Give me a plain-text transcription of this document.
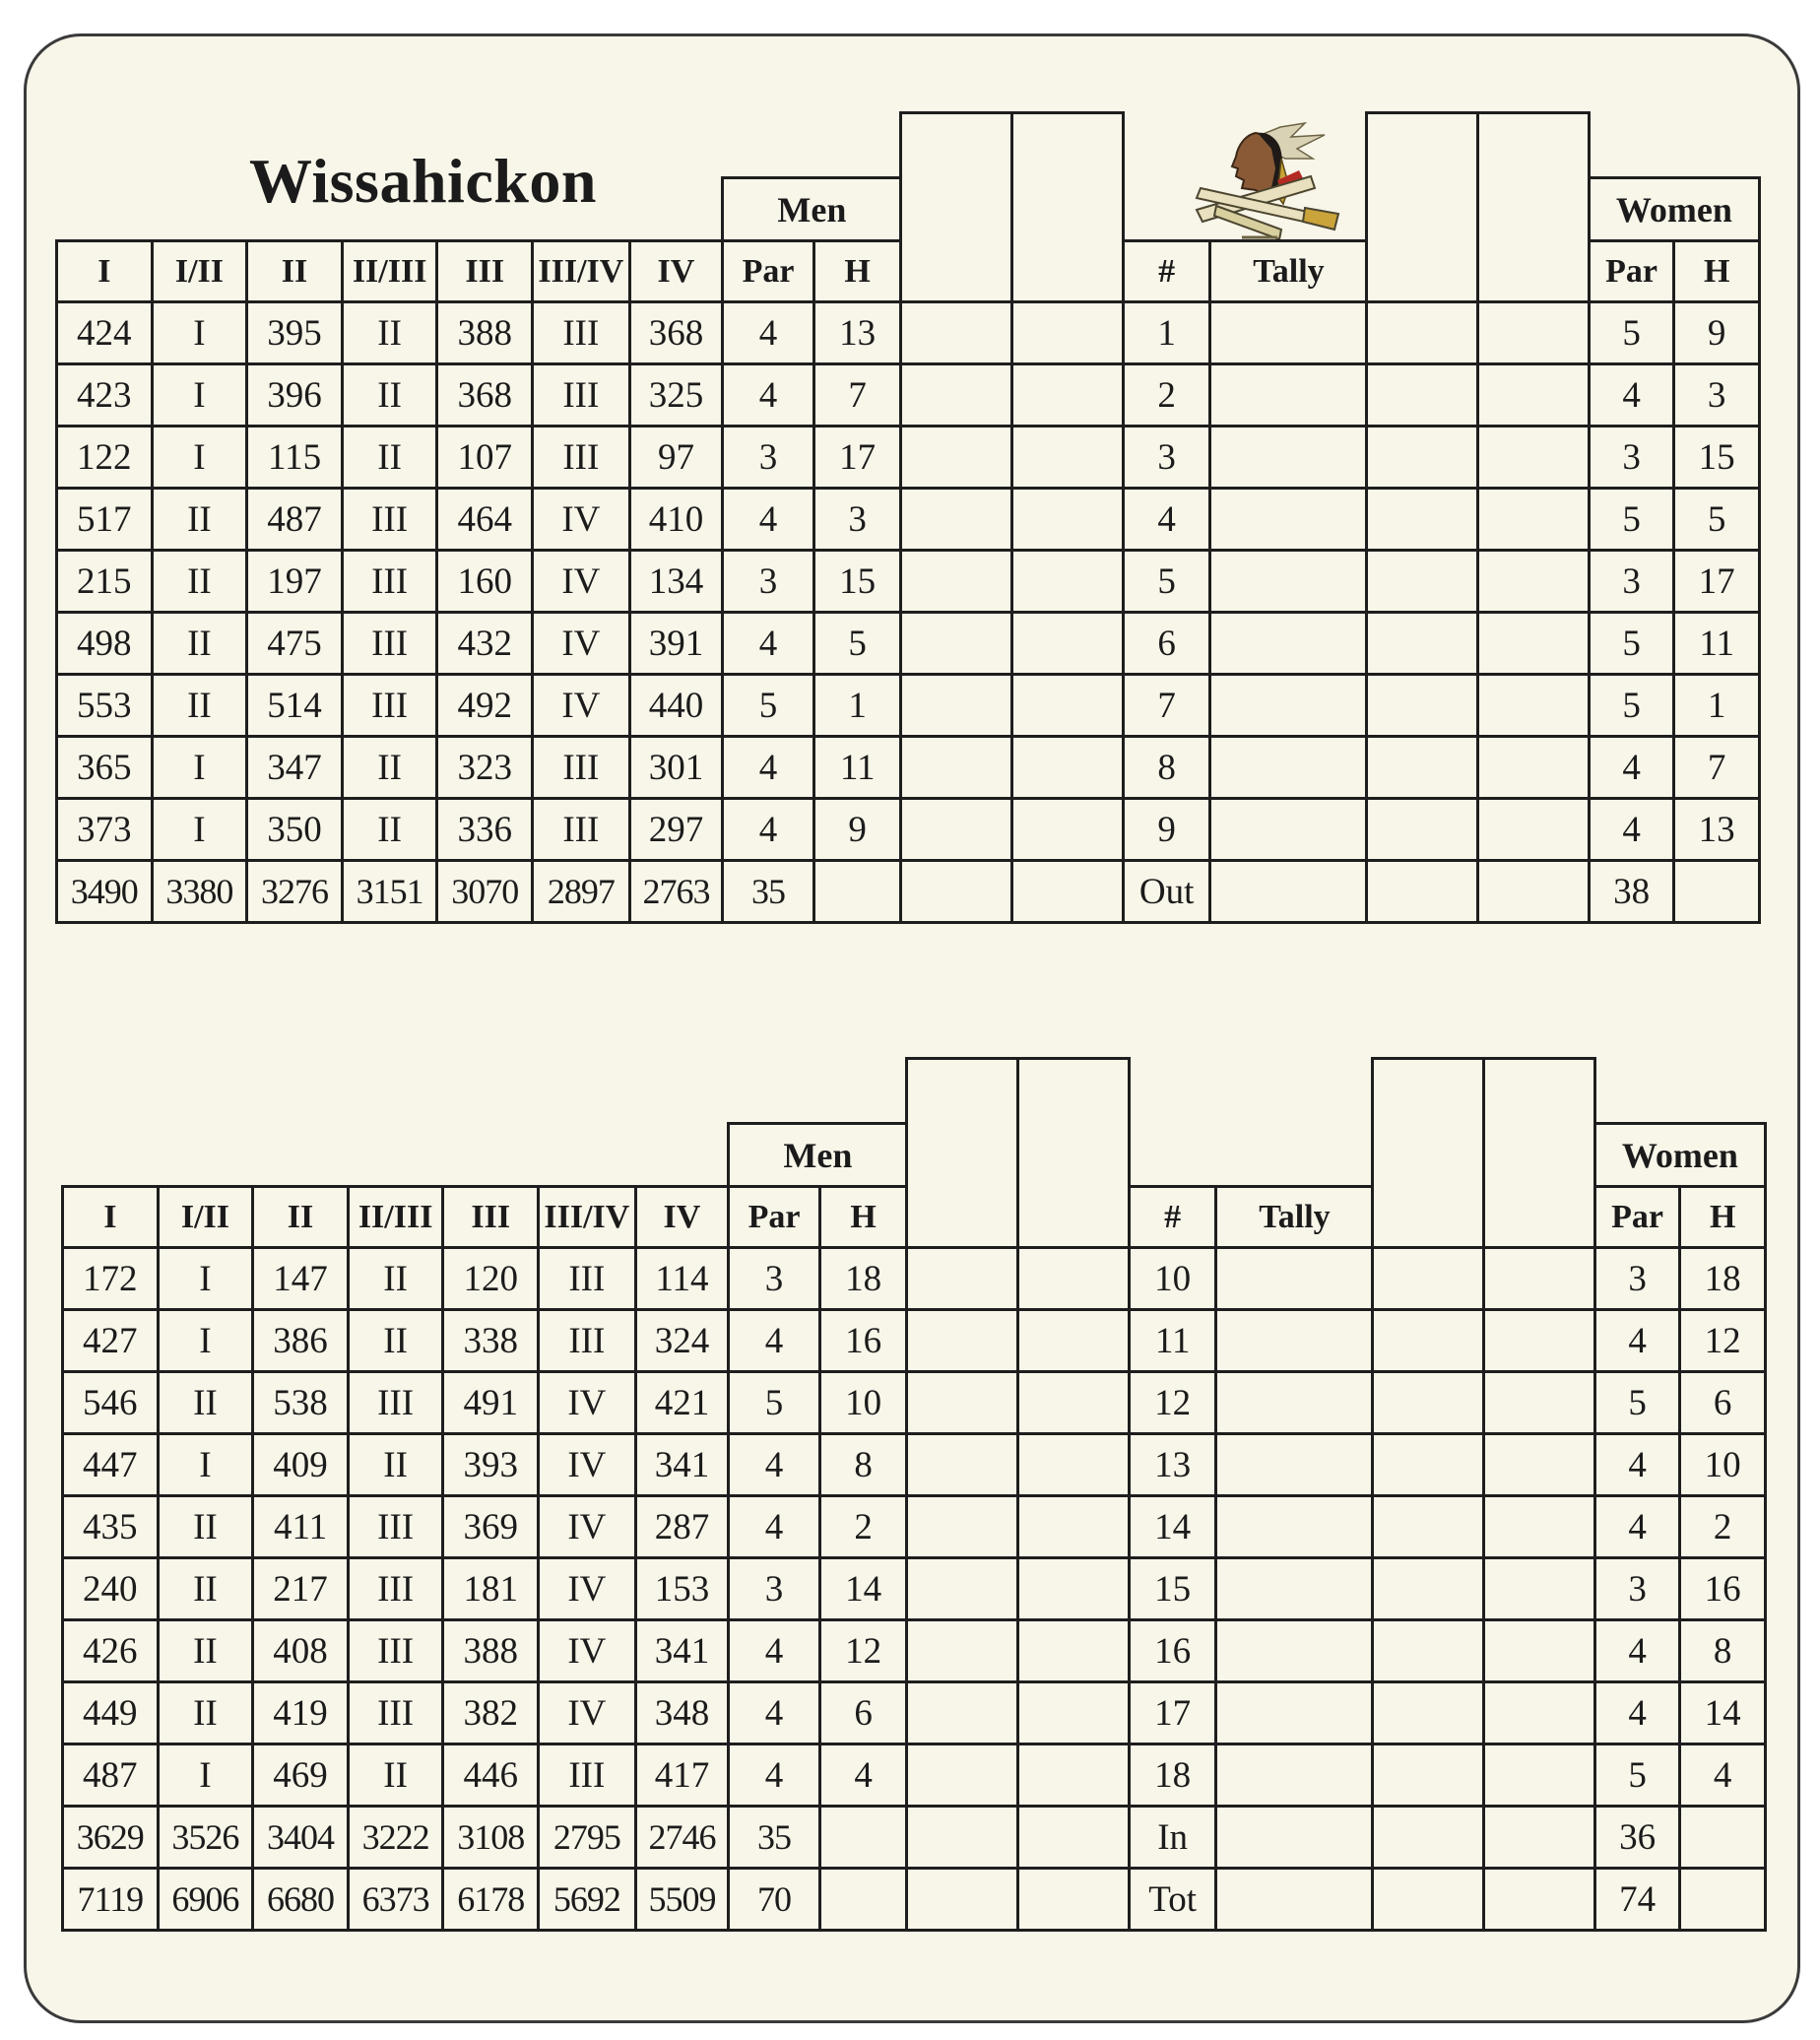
Wissahickon

							Men								Women	
I	I/II	II	II/III	III	III/IV	IV	Par	H			#	Tally			Par	H
424	I	395	II	388	III	368	4	13			1				5	9
423	I	396	II	368	III	325	4	7			2				4	3
122	I	115	II	107	III	97	3	17			3				3	15
517	II	487	III	464	IV	410	4	3			4				5	5
215	II	197	III	160	IV	134	3	15			5				3	17
498	II	475	III	432	IV	391	4	5			6				5	11
553	II	514	III	492	IV	440	5	1			7				5	1
365	I	347	II	323	III	301	4	11			8				4	7
373	I	350	II	336	III	297	4	9			9				4	13
3490	3380	3276	3151	3070	2897	2763	35				Out				38	

							Men								Women	
I	I/II	II	II/III	III	III/IV	IV	Par	H			#	Tally			Par	H
172	I	147	II	120	III	114	3	18			10				3	18
427	I	386	II	338	III	324	4	16			11				4	12
546	II	538	III	491	IV	421	5	10			12				5	6
447	I	409	II	393	IV	341	4	8			13				4	10
435	II	411	III	369	IV	287	4	2			14				4	2
240	II	217	III	181	IV	153	3	14			15				3	16
426	II	408	III	388	IV	341	4	12			16				4	8
449	II	419	III	382	IV	348	4	6			17				4	14
487	I	469	II	446	III	417	4	4			18				5	4
3629	3526	3404	3222	3108	2795	2746	35				In				36	
7119	6906	6680	6373	6178	5692	5509	70				Tot				74	
